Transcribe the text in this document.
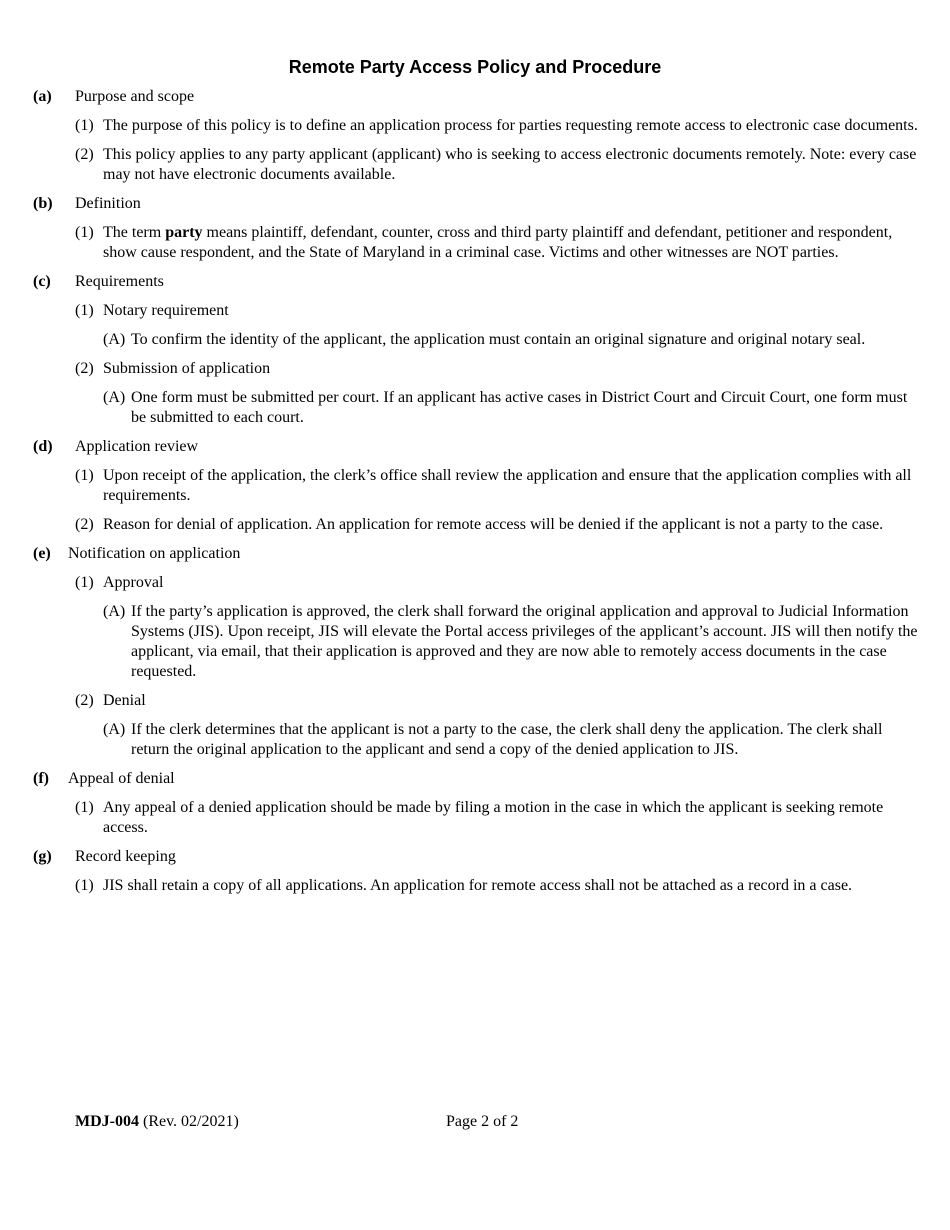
Remote Party Access Policy and Procedure
(a) Purpose and scope
(1) The purpose of this policy is to define an application process for parties requesting remote access to electronic case documents.
(2) This policy applies to any party applicant (applicant) who is seeking to access electronic documents remotely. Note: every case may not have electronic documents available.
(b) Definition
(1) The term party means plaintiff, defendant, counter, cross and third party plaintiff and defendant, petitioner and respondent, show cause respondent, and the State of Maryland in a criminal case. Victims and other witnesses are NOT parties.
(c) Requirements
(1) Notary requirement
(A) To confirm the identity of the applicant, the application must contain an original signature and original notary seal.
(2) Submission of application
(A) One form must be submitted per court. If an applicant has active cases in District Court and Circuit Court, one form must be submitted to each court.
(d) Application review
(1) Upon receipt of the application, the clerk’s office shall review the application and ensure that the application complies with all requirements.
(2) Reason for denial of application. An application for remote access will be denied if the applicant is not a party to the case.
(e) Notification on application
(1) Approval
(A) If the party’s application is approved, the clerk shall forward the original application and approval to Judicial Information Systems (JIS). Upon receipt, JIS will elevate the Portal access privileges of the applicant’s account. JIS will then notify the applicant, via email, that their application is approved and they are now able to remotely access documents in the case requested.
(2) Denial
(A) If the clerk determines that the applicant is not a party to the case, the clerk shall deny the application. The clerk shall return the original application to the applicant and send a copy of the denied application to JIS.
(f) Appeal of denial
(1) Any appeal of a denied application should be made by filing a motion in the case in which the applicant is seeking remote access.
(g) Record keeping
(1) JIS shall retain a copy of all applications. An application for remote access shall not be attached as a record in a case.
MDJ-004 (Rev. 02/2021)	Page 2 of 2
